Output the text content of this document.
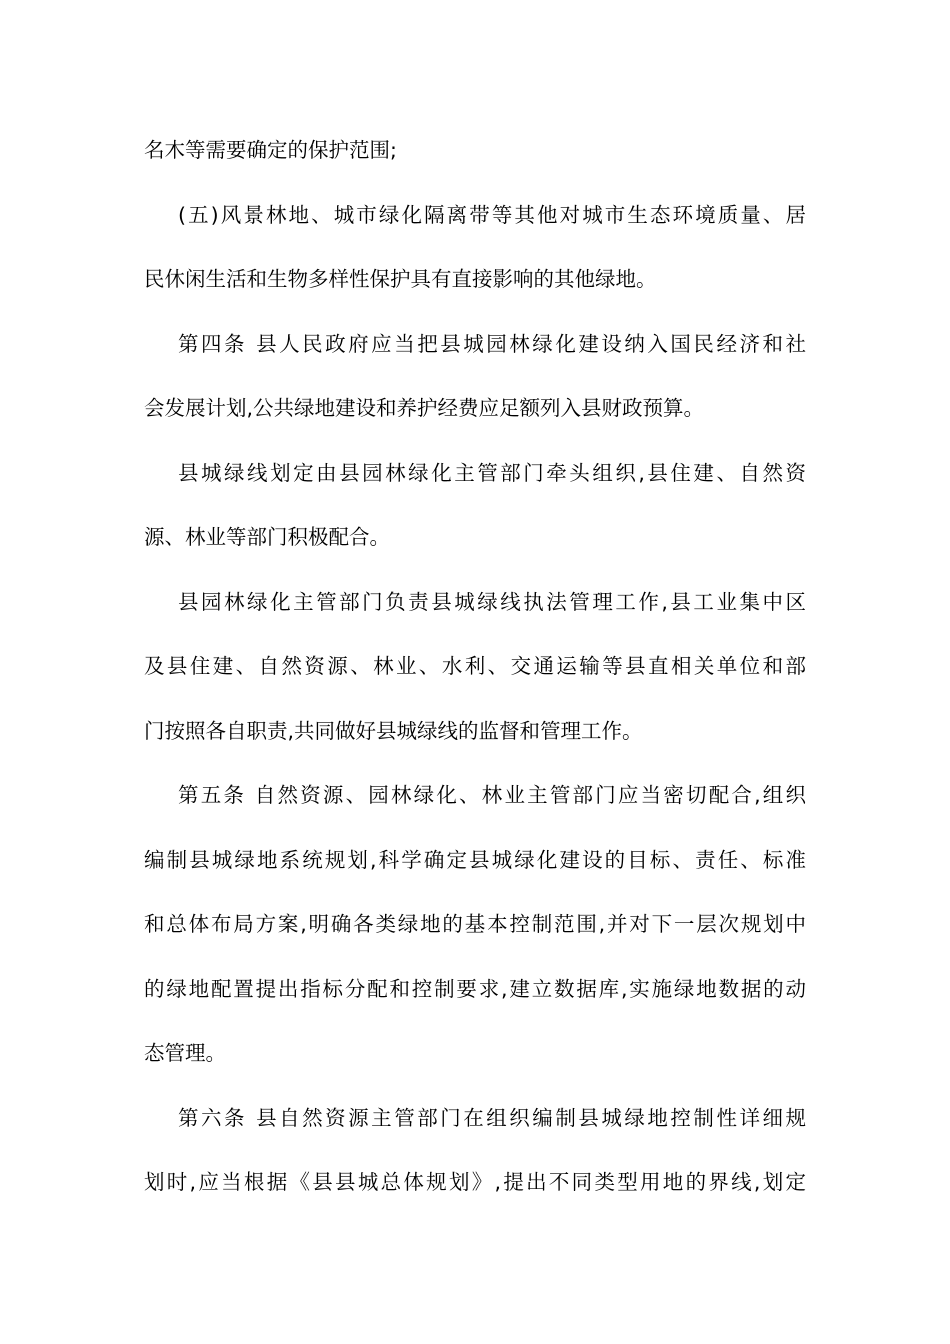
名木等需要确定的保护范围;
(五)风景林地、城市绿化隔离带等其他对城市生态环境质量、居
民休闲生活和生物多样性保护具有直接影响的其他绿地。
第四条 县人民政府应当把县城园林绿化建设纳入国民经济和社
会发展计划,公共绿地建设和养护经费应足额列入县财政预算。
县城绿线划定由县园林绿化主管部门牵头组织,县住建、自然资
源、林业等部门积极配合。
县园林绿化主管部门负责县城绿线执法管理工作,县工业集中区
及县住建、自然资源、林业、水利、交通运输等县直相关单位和部
门按照各自职责,共同做好县城绿线的监督和管理工作。
第五条 自然资源、园林绿化、林业主管部门应当密切配合,组织
编制县城绿地系统规划,科学确定县城绿化建设的目标、责任、标准
和总体布局方案,明确各类绿地的基本控制范围,并对下一层次规划中
的绿地配置提出指标分配和控制要求,建立数据库,实施绿地数据的动
态管理。
第六条 县自然资源主管部门在组织编制县城绿地控制性详细规
划时,应当根据《县县城总体规划》,提出不同类型用地的界线,划定
